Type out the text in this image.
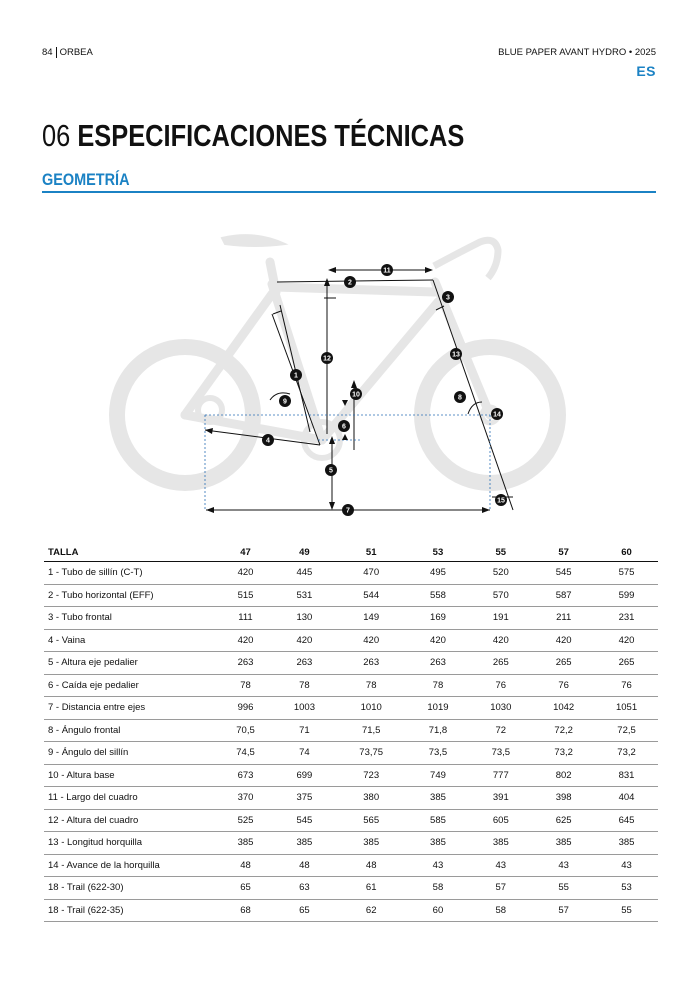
84 ORBEA	BLUE PAPER AVANT HYDRO • 2025
ES
06 ESPECIFICACIONES TÉCNICAS
GEOMETRÍA
1
2
3
4
5
6
7
8
9
10
11
12
13
14
15
TALLA	47	49	51	53	55	57	60
1 - Tubo de sillín (C-T)	420	445	470	495	520	545	575
2 - Tubo horizontal (EFF)	515	531	544	558	570	587	599
3 - Tubo frontal	111	130	149	169	191	211	231
4 - Vaina	420	420	420	420	420	420	420
5 - Altura eje pedalier	263	263	263	263	265	265	265
6 - Caída eje pedalier	78	78	78	78	76	76	76
7 - Distancia entre ejes	996	1003	1010	1019	1030	1042	1051
8 - Ángulo frontal	70,5	71	71,5	71,8	72	72,2	72,5
9 - Ángulo del sillín	74,5	74	73,75	73,5	73,5	73,2	73,2
10 - Altura base	673	699	723	749	777	802	831
11 - Largo del cuadro	370	375	380	385	391	398	404
12 - Altura del cuadro	525	545	565	585	605	625	645
13 - Longitud horquilla	385	385	385	385	385	385	385
14 - Avance de la horquilla	48	48	48	43	43	43	43
18 - Trail (622-30)	65	63	61	58	57	55	53
18 - Trail (622-35)	68	65	62	60	58	57	55
